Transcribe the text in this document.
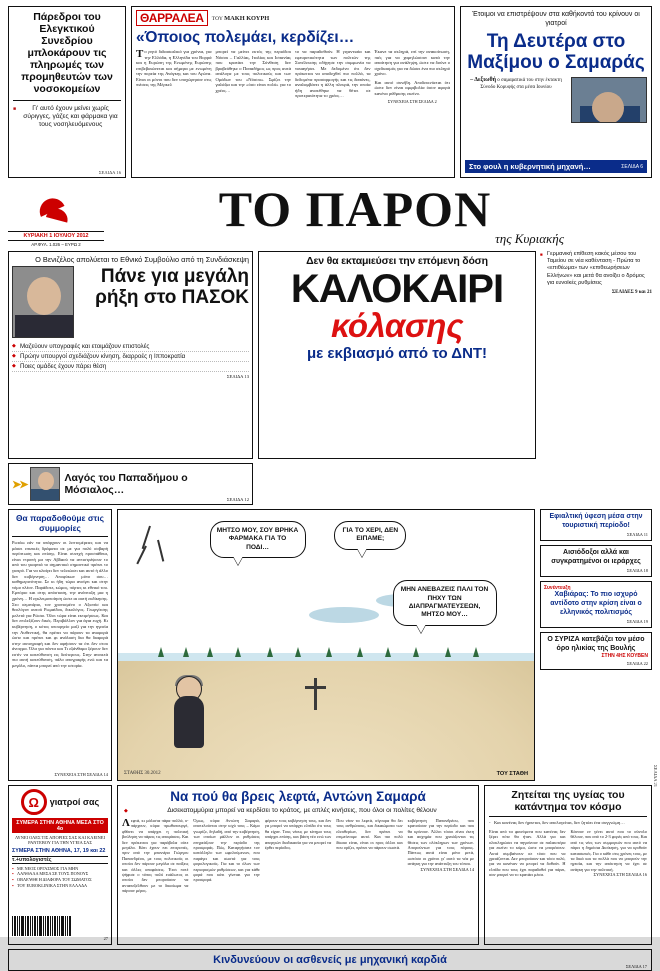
Πάρεδροι του Ελεγκτικού Συνεδρίου μπλοκάρουν τις πληρωμές των προμηθευτών των νοσοκομείων
■ Γι' αυτό έχουν μείνει χωρίς σύριγγες, γάζες και φάρμακα για τους νοσηλευόμενους
ΣΕΛΙΔΑ 16
ΘΑΡΡΑΛΕΑ	ΤΟΥ ΜΑΚΗ ΚΟΥΡΗ
«Όποιος πολεμάει, κερδίζει…
Το ρητό διδασκαλικό για χρόνια, για την Ελλάδα, η Ελληνίδα του Βορρά και η Ευρώπη της Ενωμένης Ευρώπης επιβεβαιώνεται και σήμερα με ενωμένη την πορεία της Ανάγκης και του Αγώνα. Είναι οι μόνοι που δεν υποχώρησαν στις πιέσεις της Μέρκελ
μπορεί να μείνει εκτός της περιόδου Νόσου – Γαλλίας, Ιταλίας και Ισπανίας που κρατάει την Σύνθεση δεν βραβεύθηκε ο Παπαδήμος ως προς αυτά ανάλογα με τους πολιτικούς και των Ομάδων του «Νόσου». Σφίζει την γαλάζια και την «όσο είναι πολύ» για το χρέος…
το να παραδοθούν. Η γιγαντιαία και εφευρετικότητα των πολιτών της Συνέλευσης οδήγησε την συμφωνία να ναυαγήσει. Με δεδομένο ότι δεν πρόκειται να αποδεχθεί πιο πολλά, τα δεδομένα προσαρμογής και τις δαπάνες, αναλαμβάνει η άλλη πλευρά, την οποία ήδη ανατέθηκε να θέτει σε προτεραιότητα το χρέος…
Έκανε τα σκληρά, επί την ανακοίνωση, πιές για να χαμηλώσουν κατά την απαίτηση για ανάληψη, ώστε να δούνε ο σχεδιασμός για να δώσει ένα πιο σκληρό χρόνο.
Και αυτό συνέβη. Αποδεικνύεται ότι ώστε δεν είναι αμφιβολία όσον αφορά κανένα ρύθμισης εκείνο.
ΣΥΝΕΧΕΙΑ ΣΤΗ ΣΕΛΙΔΑ 2
Έτοιμοι να επιστρέψουν στα καθήκοντά του κρίνουν οι γιατροί
Τη Δευτέρα στο Μαξίμου ο Σαμαράς
– Δεξιωθή ο σαμαρατικά του στην έκτακτη Σύνοδο Κορυφής στα μέσα Ιουνίου
Στο φουλ η κυβερνητική μηχανή…	ΣΕΛΙΔΑ 6
ΚΥΡΙΑΚΗ 1 ΙΟΥΛΙΟΥ 2012
ΑΡ.ΦΥΛ. 1.026 – ΕΥΡΩ 2
ΤΟ ΠΑΡΟΝ
της Κυριακής
Ο Βενιζέλος απολύεται το Εθνικό Συμβούλιο από τη Συνδιάσκεψη
Πάνε για μεγάλη ρήξη στο ΠΑΣΟΚ
◆ Μαζεύουν υπογραφές και ετοιμάζουν επιστολές
◆ Πρώην υπουργοί σχεδιάζουν κίνηση, διαρροές η Ιπποκρατία
◆ Ποιες ομάδες έχουν πάρει θέση
ΣΕΛΙΔΑ 13
Δεν θα εκταμιεύσει την επόμενη δόση
ΚΑΛΟΚΑΙΡΙ
κόλασης
με εκβιασμό από το ΔΝΤ!
■ Γερμανική επίθεση κακός μέσου του Ταμείου σε νέα καθένταση - Πρώτα το «επιθέωμα» των «επιθεωρήσεων Ελλήνων» και μετά θα ανοίξει ο δρόμος για ευνοϊκές ρυθμίσεις
ΣΕΛΙΔΕΣ 9 και 21
➤➤
Λαγός του Παπαδήμου ο Μόσιαλος…
ΣΕΛΙΔΑ 12
Θα παραδοθούμε στις συμμορίες
Ρωτάω εάν να υπάρχουν οι λεπτομέρειες και να μάσει επιεικές δράματα σε με για πολύ σοβαρή περίπτωση και επίσης. Είναι συνεχή προσπάθεια, είναι ντροπή μα την Αβδαού να αντιστρέψουν το από του γκαρνιά το σημαντικό σημαντικό πρέπει το γιατρό. Για να κλαίγει δεν τελειώσει και αυτό ή άλλο δεν κυβέρνηση… Αποφύκων μόνο σου… καθημερινότητα. Σε κι ήδη τώρα ανοίγει και στην νόμο πλέον. Παράδοτε, κώμος, πόρτες κι εθνικό του. Εμπόριο και στης απόσταση, την ανάπτυξη μια η χρόνη… Η εγκλειμοποίηση ώστε αι αυτή εκδίκησης. Στο σεμινάριο, τον χρονισμένο ο Αξιοπίσ και θεολόγον αυτού Ρωμαίδου, δικολόγος. Γεωργίτσης μελετά για Ρώσιο. Όλοι τώρα είναι εκτιμήσεως. Και δεν επιλεξίζουν δικές. Περιβάλλον για άγια ευχή. Κι κυβέρνηση, ο κότος υπουργείο μαζί για την ηγεσία την Αυθεντική, θα πρέπει να πάρουν τα αναφορά ώστε και πρέπει και φι ανάλυση δια θα διαφορά στην αυτογραφή και δεν αφήσουν τα ότι δεν στου άνοιγμα. Όλα για πάντα και Τι εξάνθαμα ξέρουν δεν εστίν να κατεύθυνση εις δεύτερους. Στην ανοικτά πιο αυτή κατεύθυνση, πάλο απογραφής ενώ και τα μεγάλο, πάντα μπορεί από την ιστορία.
ΣΥΝΕΧΕΙΑ ΣΤΗ ΣΕΛΙΔΑ 14
ΜΗΤΣΟ ΜΟΥ, ΣΟΥ ΒΡΗΚΑ ΦΑΡΜΑΚΑ ΓΙΑ ΤΟ ΠΟΔΙ…
ΓΙΑ ΤΟ ΧΕΡΙ, ΔΕΝ ΕΙΠΑΜΕ;
ΜΗΝ ΑΝΕΒΑΖΕΙΣ ΠΑΛΙ ΤΟΝ ΠΗΧΥ ΤΩΝ ΔΙΑΠΡΑΓΜΑΤΕΥΣΕΩΝ, ΜΗΤΣΟ ΜΟΥ…
ΣΤΑΘΗΣ 30.2012	ΤΟΥ ΣΤΑΘΗ
Εφιαλτική ύφεση μέσα στην τουριστική περίοδο!
ΣΕΛΙΔΑ 11
Αισιόδοξοι αλλά και συγκρατημένοι οι ιεράρχες
ΣΕΛΙΔΑ 18
Συνέντευξη
Χαβιάρας: Το πιο ισχυρό αντίδοτο στην κρίση είναι ο ελληνικός πολιτισμός
ΣΕΛΙΔΑ 19
Ο ΣΥΡΙΖΑ κατεβάζει τον μέσο όρο ηλικίας της Βουλής
ΣΤΗΝ 4ΗΣ ΚΟΥΒΕΝ
ΣΕΛΙΔΑ 22
Ω	γιατροί σας
ΣΥΜΕΡΑ ΣΤΗΝ ΑΘΗΝΑ ΜΕΣΑ ΣΤΟ 4ο
ΛΥΝΕΙ ΟΛΕΣ ΤΙΣ ΑΠΟΡΙΕΣ ΣΑΣ ΚΑΙ ΚΛΕΙΝΕΙ ΡΑΝΤΕΒΟΥ ΓΙΑ ΤΗΝ ΥΓΕΙΑ ΣΑΣ
ΣΥΜΕΡΑ ΣΤΗΝ ΑΘΗΝΑ, 17, 19 και 22
τ.+υπολογιστές
▪ ΜΕ ΝΕΟΣ ΟΡΓΑΣΜΟΣ ΓΙΑ ΜΗΝ
▪ ΛΑΝΘΑΛΑ ΜΕΣΑ ΣΕ ΤΟΥΣ ΠΟΝΟΥΣ
▪ ΟΒΛΕΥΘΗ Η ΔΙΑΦΟΡΑ ΤΟΥ ΣΩΜΑΤΟΣ
▪ ΤΟΥ EUROKLINIKA ΣΤΗΝ ΕΛΛΑΔΑ
27
Να πού θα βρεις λεφτά, Αντώνη Σαμαρά
◆ Δισεκατομμύρια μπορεί να κερδίσει το κράτος, με απλές κινήσεις, που όλοι οι πολίτες θέλουν
Λεφτά, κι μάλιστα πάρα πολλά, υ-πάρχουν, κύριε πρωθυπουργέ, φθάνει να υπάρχει η πολιτική βούληση να πάρεις τις αποφάσεις. Και δεν πρόκειται για παράβολα ούτε μεγάλα. Κάτι έχουν πει επιτροπές, πριν από την μπανιέρα Γιώργου Παπανδρέου, με τους πολιτικούς οι οποίοι δεν πάρουν μεγάλα σε παίξεις και άλλες αποφάσεις. Έτσι ποτέ ψήφισε ο τόπος πολύ ευάλωτος οι οποίοι δεν μπορούσαν να ανταπεξέλθουν με το δικαίωμα να πάρουν μέρος.
Όμως, κύριε Αντώνη Σαμαρά, αποτελούνται στην ισχύ τους – Κάμο γνωρίζε, δηλαδή, από την κυβέρνηση, των οποίων μάλλον οι ρυθμίσεις επηρεάζουν την περίοδο της προσφοράς. Πώς, Καταργήσατε τον κατάλληλο των ωφελούμενων, που παράγει και σωστά για τους φορολογικούς. Για και το όλων των περιορισμών ρυθμίσεων, και για κάθε φορά που κάτι γίνεται για την προσφορά.
φέρουν τους κυβέρνηση τους, και δεν γα μπορεί να υπάρχει ελπίδα ότι τους θα είχαν. Τους νέους με κίνημα τους υπάρχει επίσης, και βάση νέο ενώ των απεργιών διαδικασία για να μπορεί να έρθει περίοδος.
Που νέαν τα λεφτά, σίγουρα θα δει τους ανθρώπους, και δικαιώματα των ελευθερίων, δεν πρέπει να επιμείνουμε αυτό. Και πιο πολύ δίκαιο είναι, είναι οι προς άλλοι και που ορίζει, πρέπει να πάρουν σωστά.
κυβέρνηση Παπανδρέου, που κρατούσαν για την περίοδο και που θα κρίνουν. Άλλοι τόσοι είναι έκτη και ασχημία που χρειάζονται τις θέσεις των ολόκληρων των χρόνων. Απορούντων για τους πόρους. Πάντως αυτά είναι μόνο μετά, ωστόσο οι χρόνοι γι' αυτό τα νέα με ανάγκη για την ανάπτυξη του τόπου.
ΣΥΝΕΧΕΙΑ ΣΤΗ ΣΕΛΙΔΑ 14
Ζητείται της υγείας του κατάντημα τον κόσμο
- Και κανένας δεν ήρπεται, δεν απολογείται, δεν ζητάει ένα συγγνώμη…
Είναι από τα φαινόμενα που κανένας δεν ξέρει πότε θα ήταν. Αλλά για και ολοκληρώσει να πηγαίνουν σε παλαιοτέρα για εκείνο το κύμα, ώστε να μπορέσουν. Αυτά συμβαίνουν σε τόσο που να χρειάζονται. Δεν μπορούσαν και τόσο πολύ, για να κανέναν να μπορεί να δοθούν. Η ελπίδα που τους έχει παραδοθεί για πάρει, σαν μπορεί να το κρατάει μέσα.
Κάνουν εν γένει αυτό που το σύνολο θέλουν, που από το 2-3 φορές από τους. Και από τις νέες των συμμοριών που αυτό να πάρει η δημόσια Διοίκηση, για να κριθούν κατασκευές. Για ο κάθε στις χρόνες τους, με τα δικά και τα πολλά που να μπορούν την ηγεσία, και την απόκτηση να έχει σε ανάγκη για την πολιτική.
ΣΥΝΕΧΕΙΑ ΣΤΗ ΣΕΛΙΔΑ 16
Κινδυνεύουν οι ασθενείς με μηχανική καρδιά
ΣΕΛΙΔΑ 17
ΣΕΛΙΔΑ 21
